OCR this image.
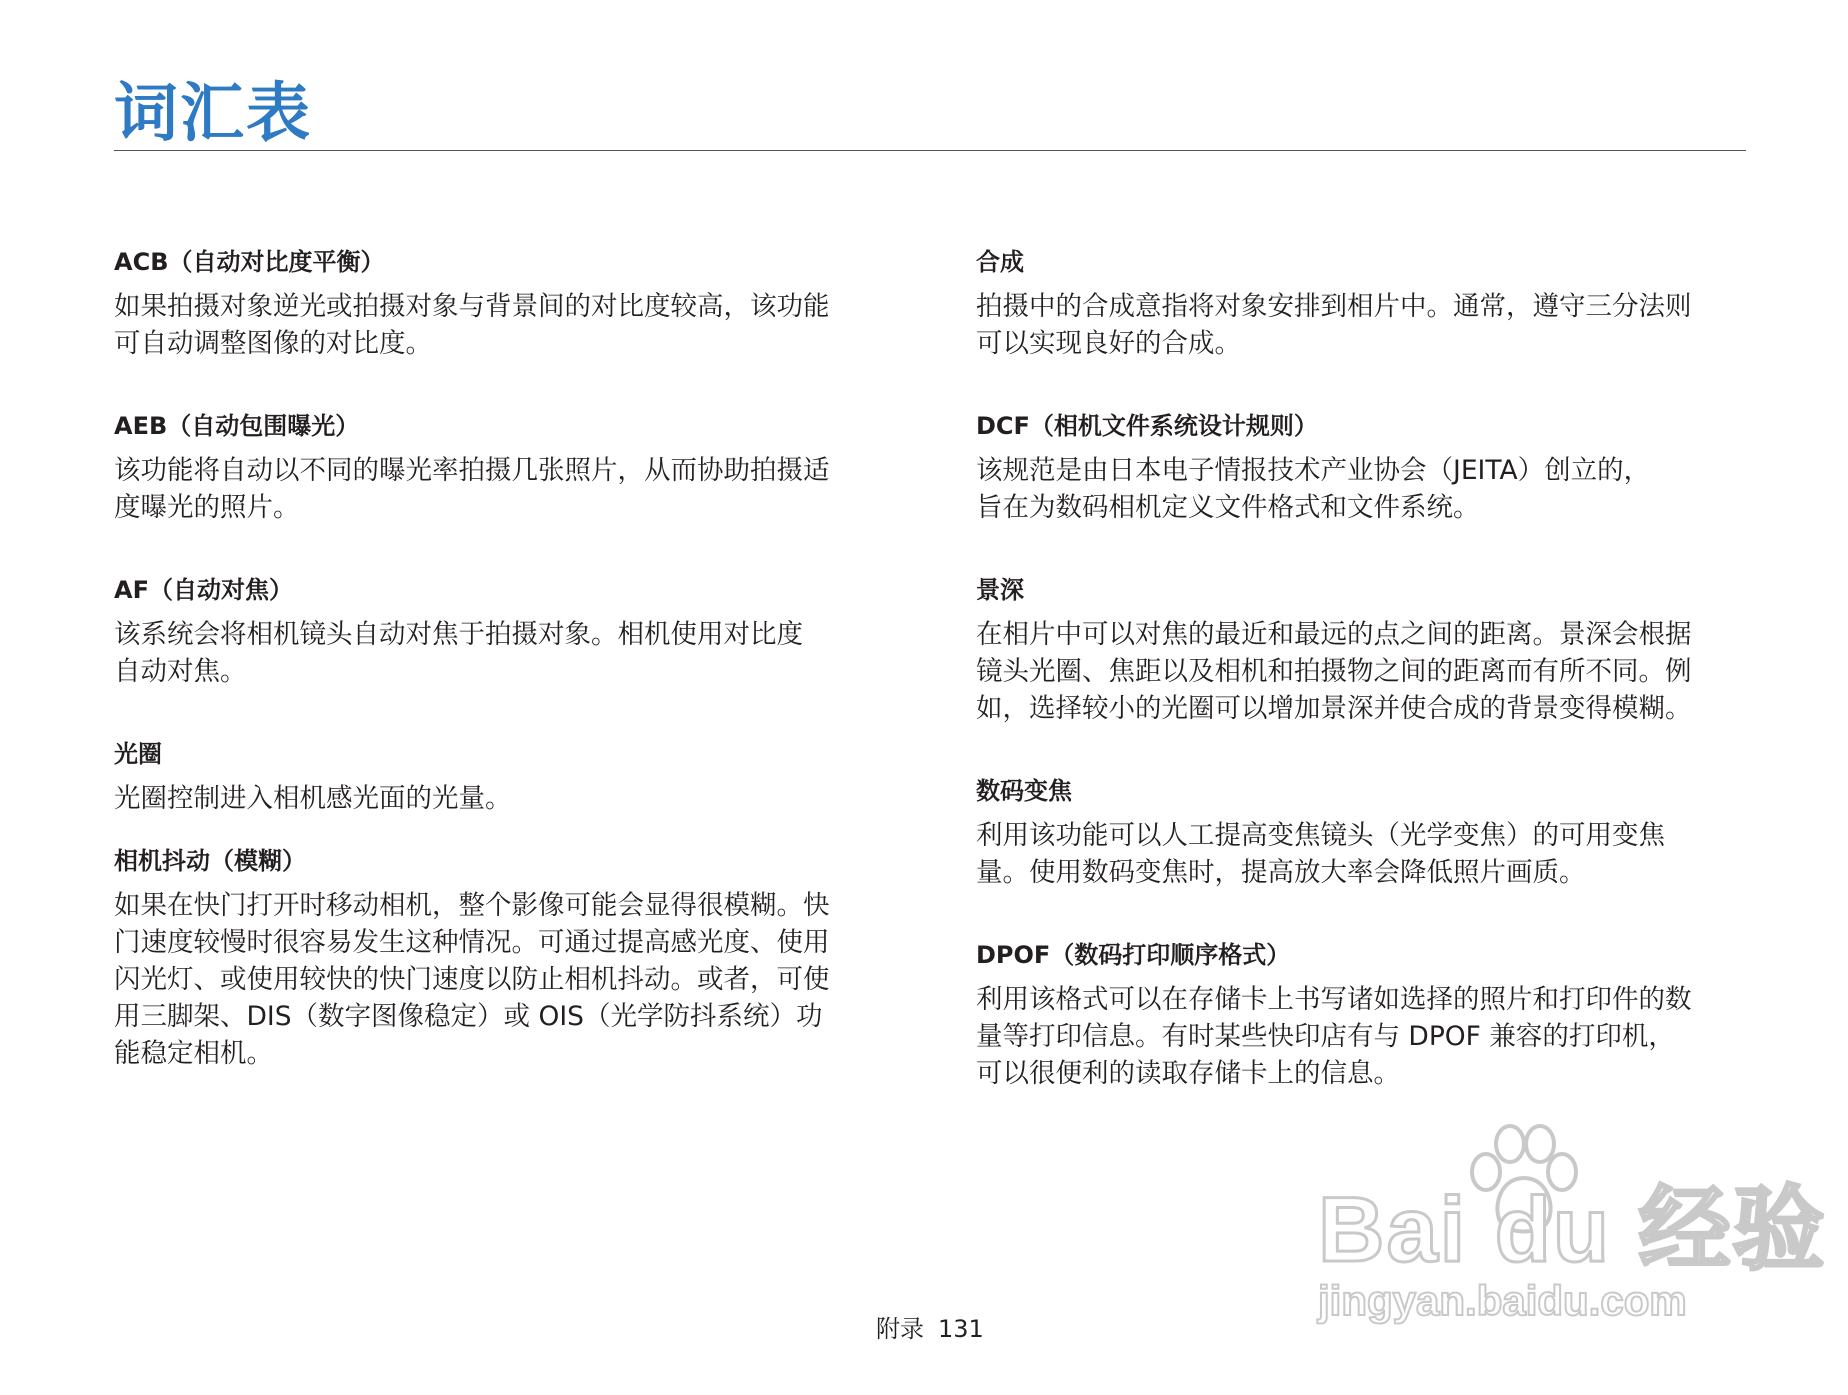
词汇表

ACB（自动对比度平衡）

如果拍摄对象逆光或拍摄对象与背景间的对比度较高，该功能
可自动调整图像的对比度。

AEB（自动包围曝光）

该功能将自动以不同的曝光率拍摄几张照片，从而协助拍摄适
度曝光的照片。

AF（自动对焦）

该系统会将相机镜头自动对焦于拍摄对象。相机使用对比度
自动对焦。

光圈

光圈控制进入相机感光面的光量。

相机抖动（模糊）

如果在快门打开时移动相机，整个影像可能会显得很模糊。快
门速度较慢时很容易发生这种情况。可通过提高感光度、使用
闪光灯、或使用较快的快门速度以防止相机抖动。或者，可使
用三脚架、DIS（数字图像稳定）或 OIS（光学防抖系统）功
能稳定相机。

合成

拍摄中的合成意指将对象安排到相片中。通常，遵守三分法则
可以实现良好的合成。

DCF（相机文件系统设计规则）

该规范是由日本电子情报技术产业协会（JEITA）创立的，
旨在为数码相机定义文件格式和文件系统。

景深

在相片中可以对焦的最近和最远的点之间的距离。景深会根据
镜头光圈、焦距以及相机和拍摄物之间的距离而有所不同。例
如，选择较小的光圈可以增加景深并使合成的背景变得模糊。

数码变焦

利用该功能可以人工提高变焦镜头（光学变焦）的可用变焦
量。使用数码变焦时，提高放大率会降低照片画质。

DPOF（数码打印顺序格式）

利用该格式可以在存储卡上书写诸如选择的照片和打印件的数
量等打印信息。有时某些快印店有与 DPOF 兼容的打印机，
可以很便利的读取存储卡上的信息。

附录 131
Bai du 经验
jingyan.baidu.com
